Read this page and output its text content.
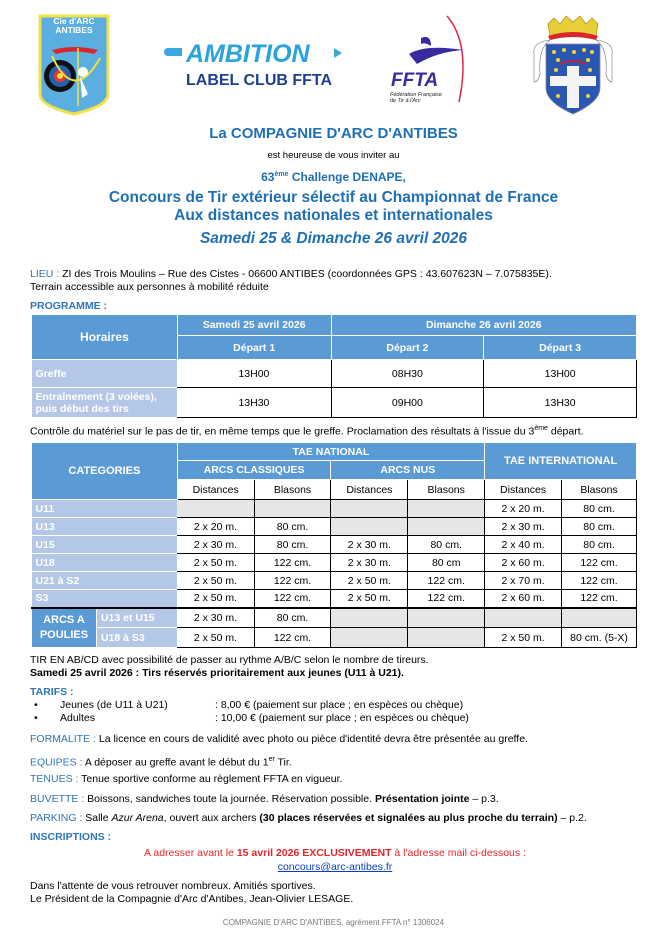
Cie d'ARC
ANTIBES
AMBITION
LABEL CLUB FFTA	FFTA
Fédération Française
de Tir à l'Arc
La COMPAGNIE D'ARC D'ANTIBES
est heureuse de vous inviter au
63ème Challenge DENAPE,
Concours de Tir extérieur sélectif au Championnat de France
Aux distances nationales et internationales
Samedi 25 & Dimanche 26 avril 2026
LIEU : ZI des Trois Moulins – Rue des Cistes - 06600 ANTIBES (coordonnées GPS : 43.607623N – 7.075835E).
Terrain accessible aux personnes à mobilité réduite
PROGRAMME :
Horaires	Samedi 25 avril 2026	Dimanche 26 avril 2026	
	Départ 1	Départ 2	Départ 3
Greffe	13H00	08H30	13H00

Entraînement (3 volées),
puis début des tirs	13H30	09H00	13H30
Contrôle du matériel sur le pas de tir, en même temps que le greffe. Proclamation des résultats à l'issue du 3ème départ.
CATEGORIES		TAE NATIONAL				TAE INTERNATIONAL	
		ARCS CLASSIQUES		ARCS NUS			
		Distances	Blasons	Distances	Blasons	Distances	Blasons
U11						2 x 20 m.	80 cm.
U13		2 x 20 m.	80 cm.			2 x 30 m.	80 cm.
U15		2 x 30 m.	80 cm.	2 x 30 m.	80 cm.	2 x 40 m.	80 cm.
U18		2 x 50 m.	122 cm.	2 x 30 m.	80 cm	2 x 60 m.	122 cm.
U21 à S2		2 x 50 m.	122 cm.	2 x 50 m.	122 cm.	2 x 70 m.	122 cm.
S3		2 x 50 m.	122 cm.	2 x 50 m.	122 cm.	2 x 60 m.	122 cm.

ARCS A
POULIES	U13 et U15	2 x 30 m.	80 cm.				
	U18 à S3	2 x 50 m.	122 cm.			2 x 50 m.	80 cm. (5-X)
TIR EN AB/CD avec possibilité de passer au rythme A/B/C selon le nombre de tireurs.
Samedi 25 avril 2026 : Tirs réservés prioritairement aux jeunes (U11 à U21).
TARIFS :
•	Jeunes (de U11 à U21)	: 8,00 € (paiement sur place ; en espèces ou chèque)
•	Adultes	: 10,00 € (paiement sur place ; en espèces ou chèque)
FORMALITE : La licence en cours de validité avec photo ou pièce d'identité devra être présentée au greffe.
EQUIPES : A déposer au greffe avant le début du 1er Tir.
TENUES : Tenue sportive conforme au règlement FFTA en vigueur.
BUVETTE : Boissons, sandwiches toute la journée. Réservation possible. Présentation jointe – p.3.
PARKING : Salle Azur Arena, ouvert aux archers (30 places réservées et signalées au plus proche du terrain) – p.2.
INSCRIPTIONS :
A adresser avant le 15 avril 2026 EXCLUSIVEMENT à l'adresse mail ci-dessous :
concours@arc-antibes.fr
Dans l'attente de vous retrouver nombreux. Amitiés sportives.
Le Président de la Compagnie d'Arc d'Antibes, Jean-Olivier LESAGE.
COMPAGNIE D'ARC D'ANTIBES, agrément FFTA n° 1306024
